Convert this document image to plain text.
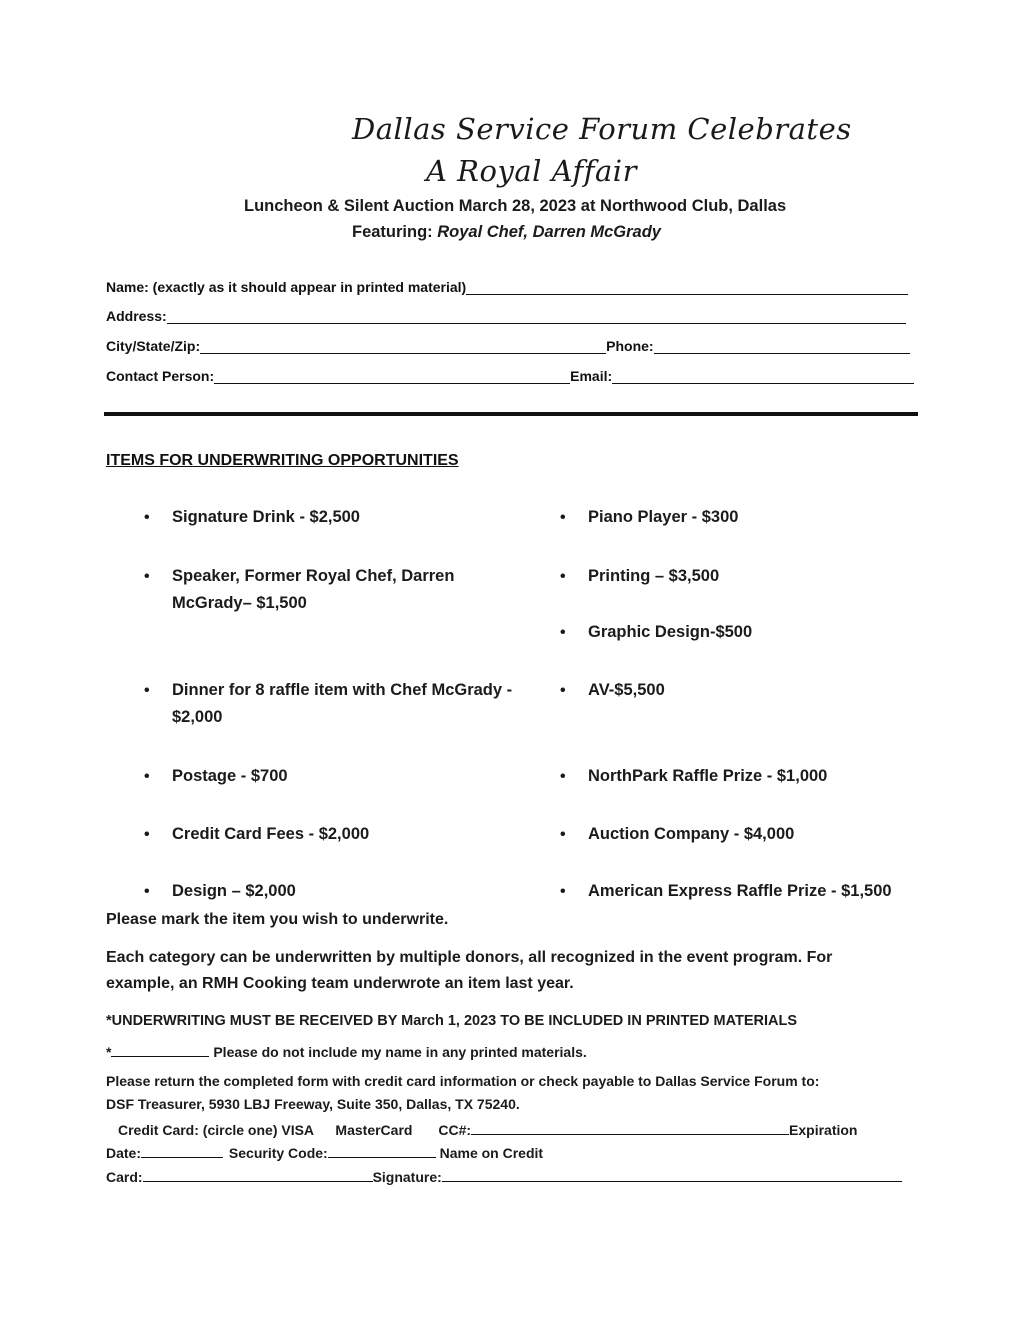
Dallas Service Forum Celebrates
A Royal Affair
Luncheon & Silent Auction March 28, 2023 at Northwood Club, Dallas
Featuring: Royal Chef, Darren McGrady
Name: (exactly as it should appear in printed material)
Address:
City/State/Zip:	Phone:
Contact Person:	Email:
ITEMS FOR UNDERWRITING OPPORTUNITIES
• Signature Drink - $2,500
• Speaker, Former Royal Chef, Darren McGrady– $1,500
• Dinner for 8 raffle item with Chef McGrady - $2,000
• Postage - $700
• Credit Card Fees - $2,000
• Design – $2,000
• Piano Player - $300
• Printing – $3,500
• Graphic Design-$500
• AV-$5,500
• NorthPark Raffle Prize - $1,000
• Auction Company - $4,000
• American Express Raffle Prize - $1,500
Please mark the item you wish to underwrite.
Each category can be underwritten by multiple donors, all recognized in the event program. For example, an RMH Cooking team underwrote an item last year.
*UNDERWRITING MUST BE RECEIVED BY March 1, 2023 TO BE INCLUDED IN PRINTED MATERIALS
*	Please do not include my name in any printed materials.
Please return the completed form with credit card information or check payable to Dallas Service Forum to:
DSF Treasurer, 5930 LBJ Freeway, Suite 350, Dallas, TX 75240.
Credit Card: (circle one) VISA MasterCard CC#:	Expiration
Date:	Security Code:	Name on Credit
Card:	Signature:
